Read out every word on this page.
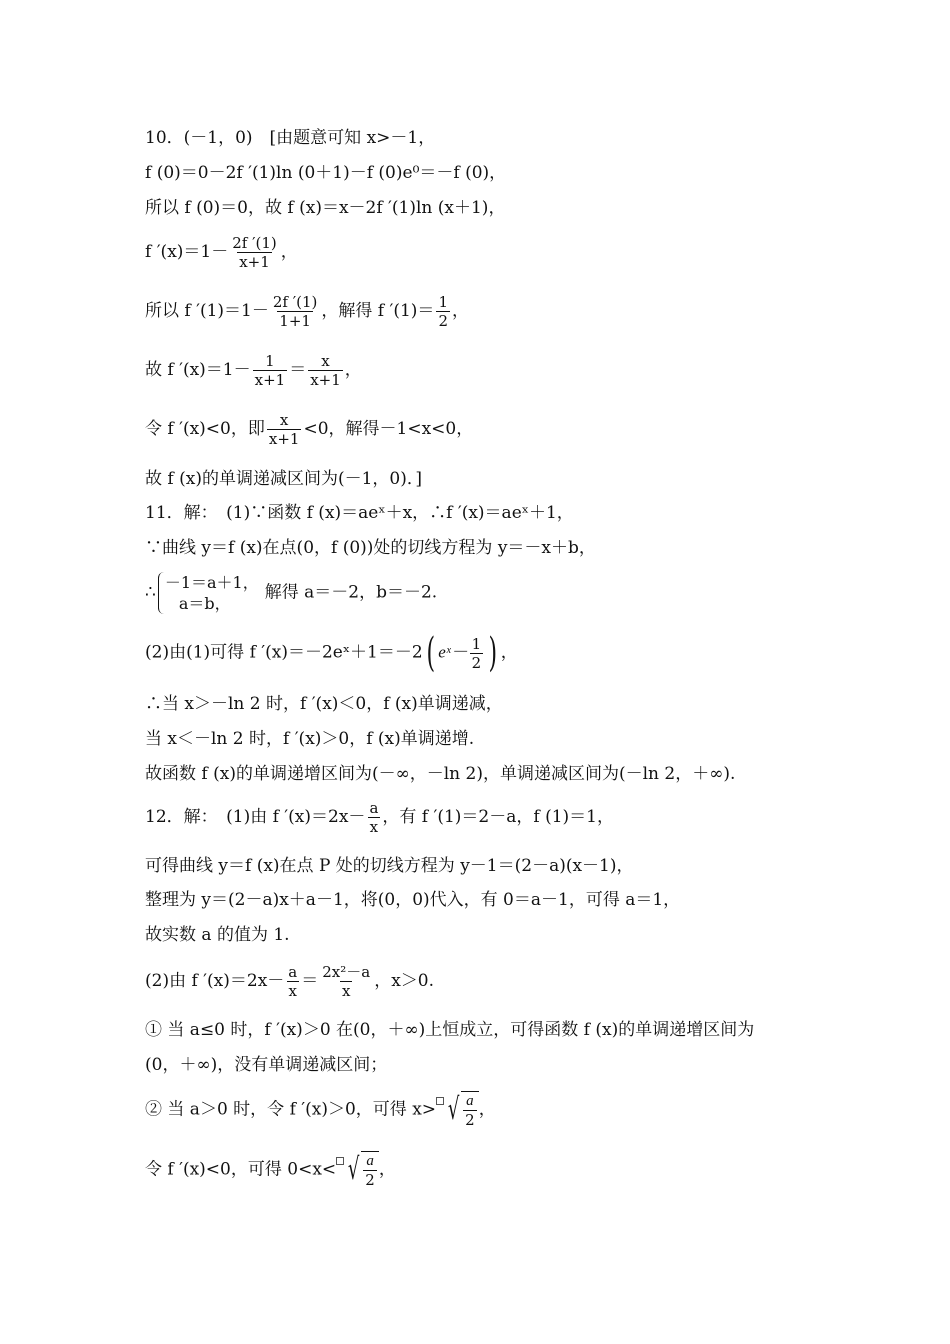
10．(－1，0)　[由题意可知 x>－1，
f (0)＝0－2f ′(1)ln (0＋1)－f (0)e⁰＝－f (0)，
所以 f (0)＝0，故 f (x)＝x－2f ′(1)ln (x＋1)，
f $'(x)=1- \frac{2f '(1)}{x+1}$ ，
所以 f $'(1)=1- \frac{2f '(1)}{1+1}$ ，解得 f $'(1)= \frac{1}{2}$ ，
故 f $'(x)=1- \frac{1}{x+1} = \frac{x}{x+1}$ ，
令 f ′(x)<0，即 $\frac{x}{x+1} <0$，解得－1<x<0，
故 f (x)的单调递减区间为(－1，0)．]
11．解：　(1)∵函数 f (x)＝aeˣ＋x，∴f ′(x)＝aeˣ＋1，
∵曲线 y＝f (x)在点(0，f (0))处的切线方程为 y＝－x＋b，
∴ －1＝a＋1，
a＝b，
解得 a＝－2，b＝－2.
(2)由(1)可得 f ′(x)＝－2eˣ＋1＝－2( eˣ－ $\frac{1}{2}$ ) ，
∴当 x＞－ln 2 时，f ′(x)＜0，f (x)单调递减，
当 x＜－ln 2 时，f ′(x)＞0，f (x)单调递增.
故函数 f (x)的单调递增区间为(－∞，－ln 2)，单调递减区间为(－ln 2，＋∞).
12．解：　(1)由 f $'(x)=2x- \frac{a}{x}$ ，有 f ′(1)＝2－a，f (1)＝1，
可得曲线 y＝f (x)在点 P 处的切线方程为 y－1＝(2－a)(x－1)，
整理为 y＝(2－a)x＋a－1，将(0，0)代入，有 0＝a－1，可得 a＝1，
故实数 a 的值为 1.
(2)由 f $'(x)=2x- \frac{a}{x} = \frac{\text{2x²－a}}{x}$ ，x＞0.
① 当 a≤0 时，f ′(x)＞0 在(0，＋∞)上恒成立，可得函数 f (x)的单调递增区间为
(0，＋∞)，没有单调递减区间；
② 当 a＞0 时，令 f ′(x)＞0，可得 x> √ $\frac{a}{2}$ ，
令 f ′(x)<0，可得 0<x< √ $\frac{a}{2}$ ，
